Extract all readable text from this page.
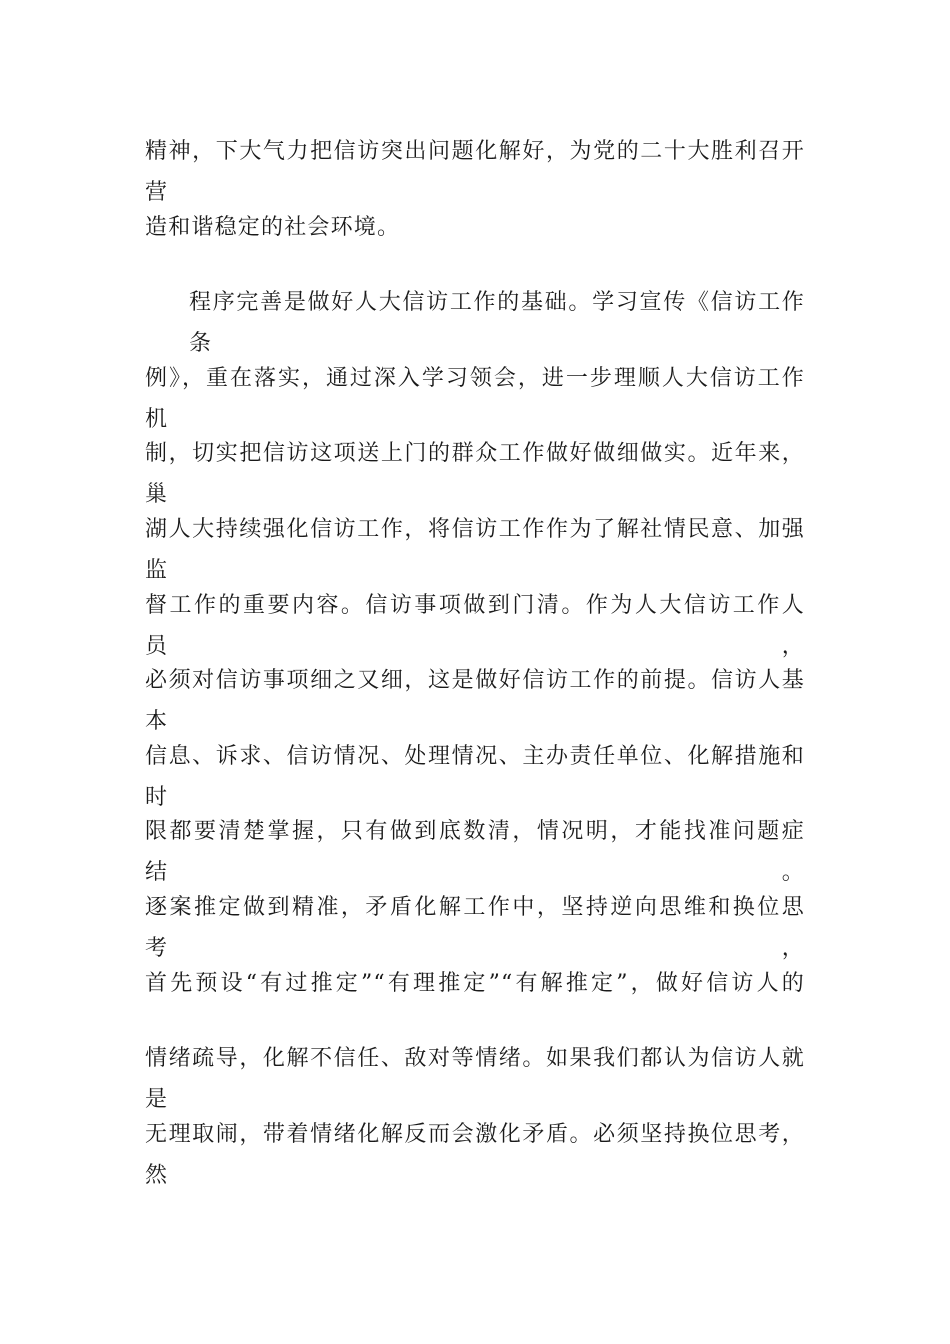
精神，下大气力把信访突出问题化解好，为党的二十大胜利召开营
造和谐稳定的社会环境。
程序完善是做好人大信访工作的基础。学习宣传《信访工作条
例》，重在落实，通过深入学习领会，进一步理顺人大信访工作机
制，切实把信访这项送上门的群众工作做好做细做实。近年来，巢
湖人大持续强化信访工作，将信访工作作为了解社情民意、加强监
督工作的重要内容。信访事项做到门清。作为人大信访工作人员，
必须对信访事项细之又细，这是做好信访工作的前提。信访人基本
信息、诉求、信访情况、处理情况、主办责任单位、化解措施和时
限都要清楚掌握，只有做到底数清，情况明，才能找准问题症结。
逐案推定做到精准，矛盾化解工作中，坚持逆向思维和换位思考，
首先预设“有过推定”“有理推定”“有解推定”，做好信访人的
情绪疏导，化解不信任、敌对等情绪。如果我们都认为信访人就是
无理取闹，带着情绪化解反而会激化矛盾。必须坚持换位思考，然
